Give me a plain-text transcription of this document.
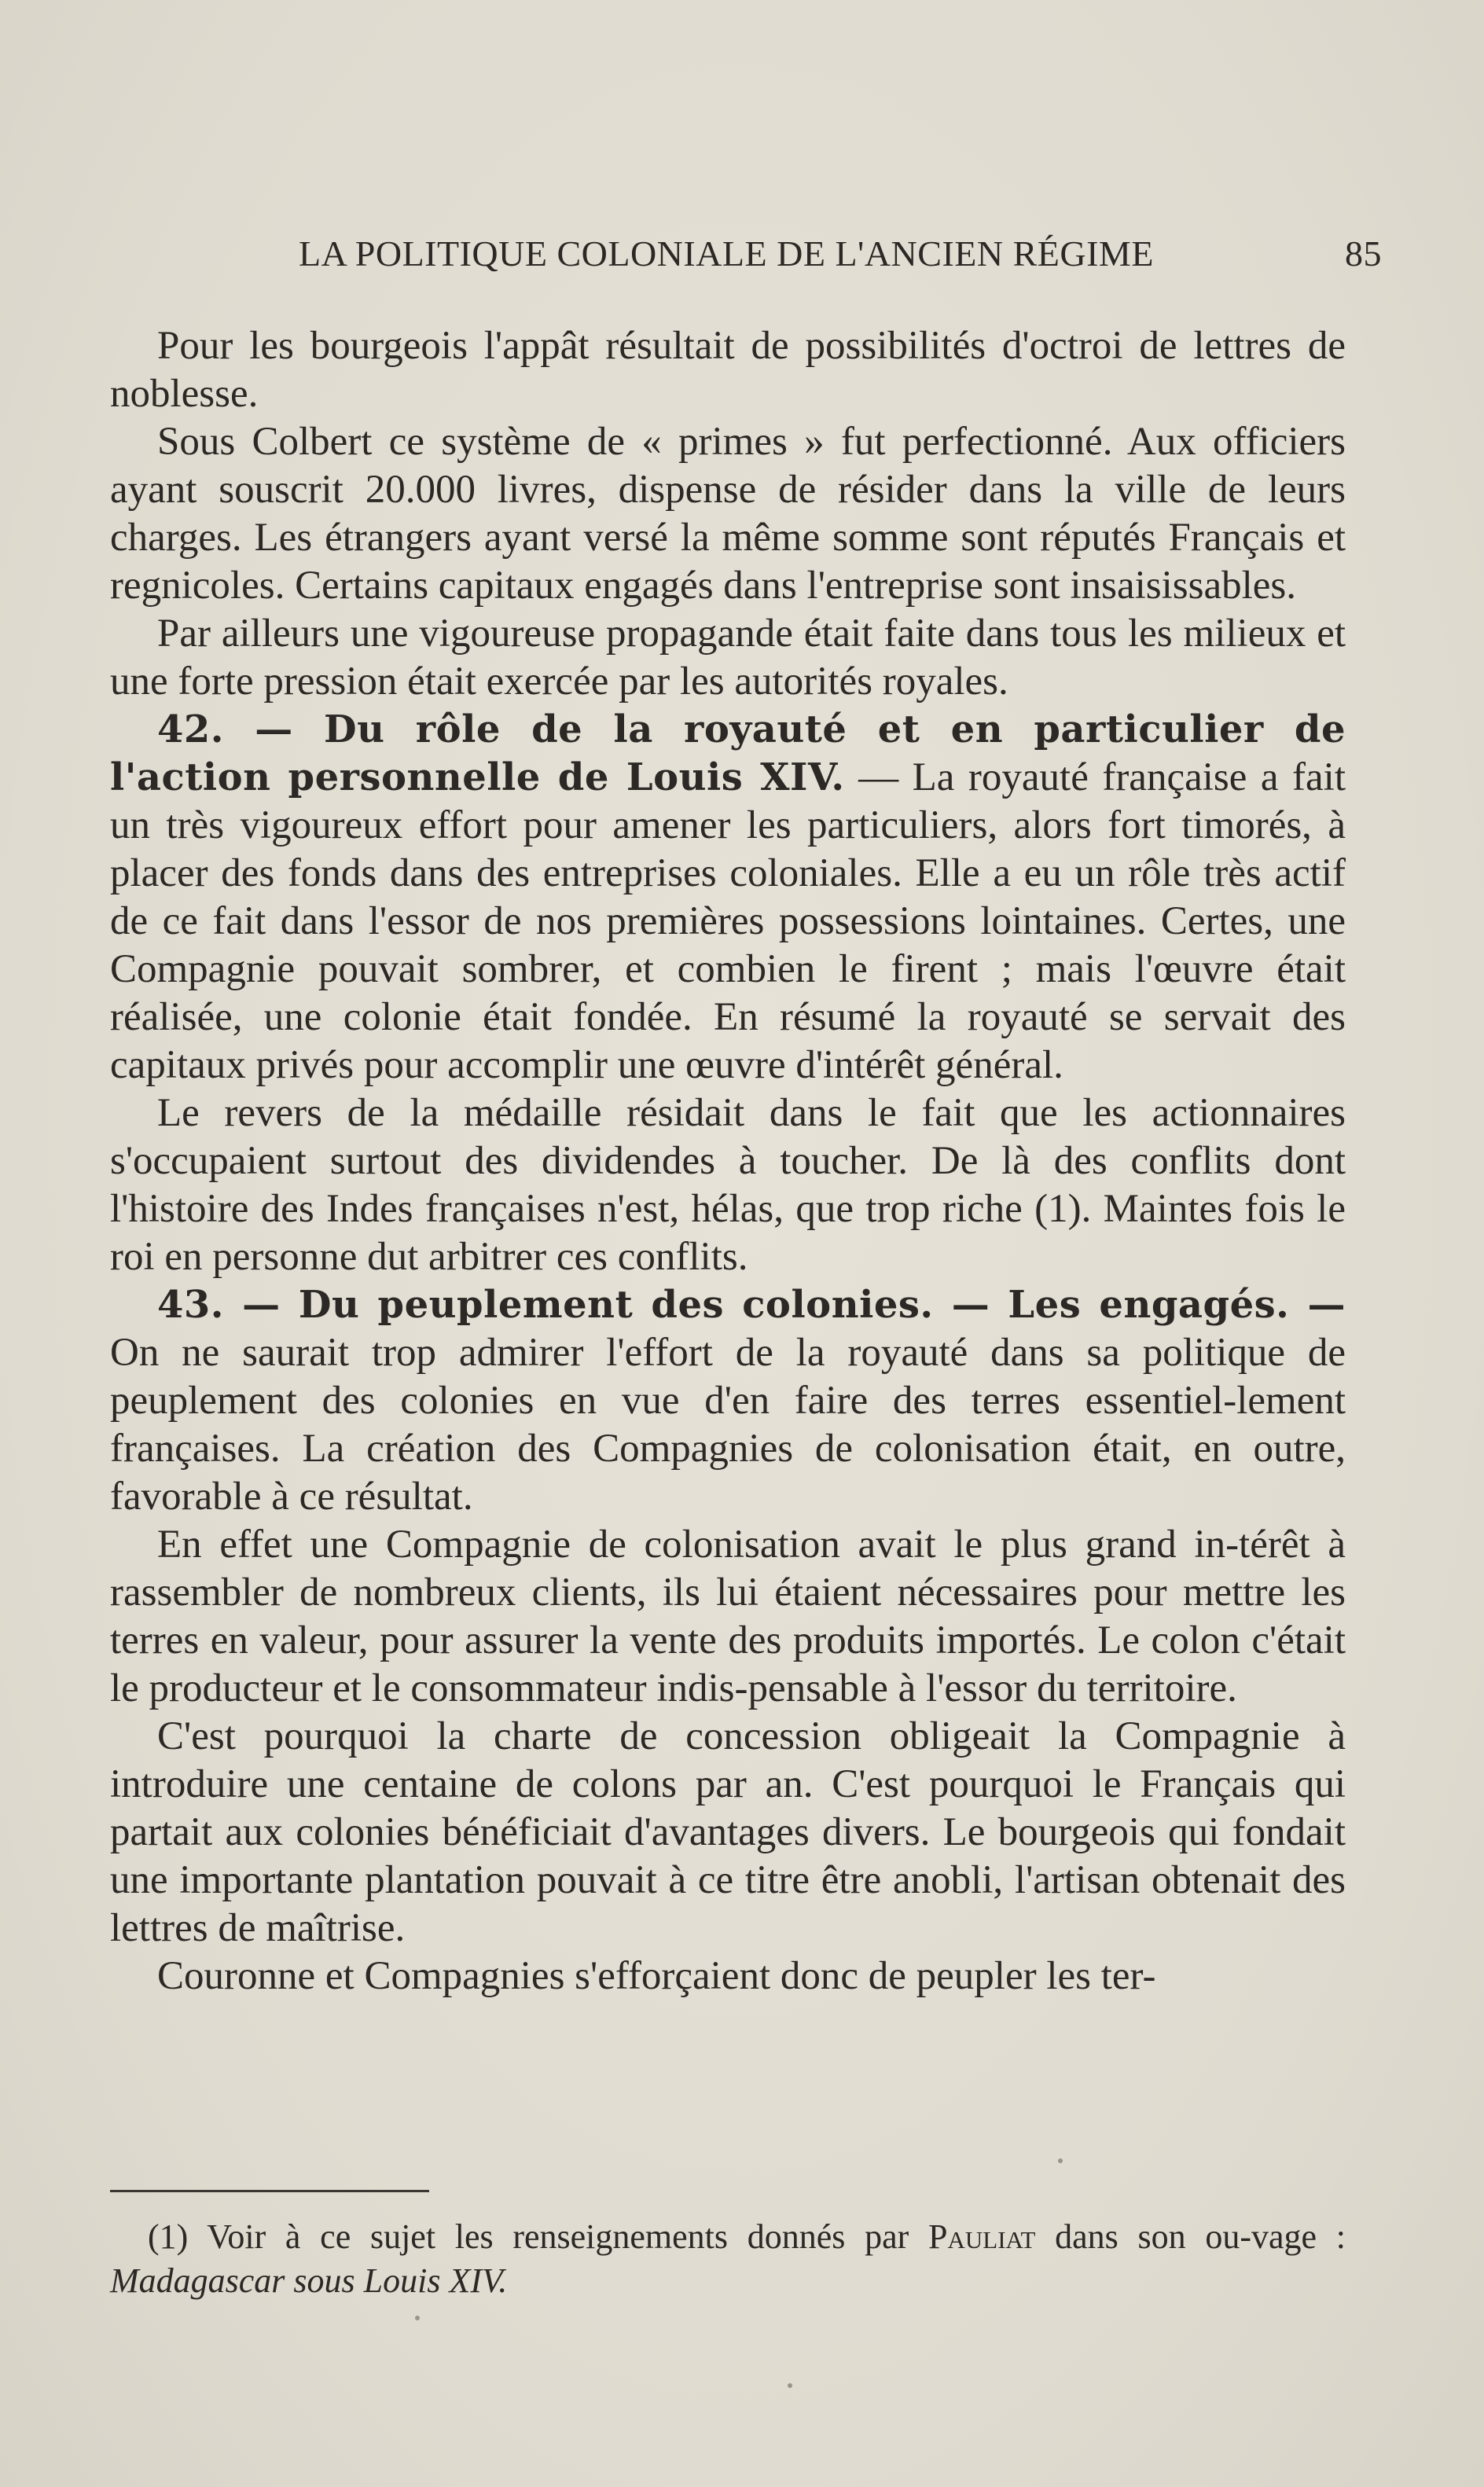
LA POLITIQUE COLONIALE DE L'ANCIEN RÉGIME	85

Pour les bourgeois l'appât résultait de possibilités d'octroi de lettres de noblesse.

Sous Colbert ce système de « primes » fut perfectionné. Aux officiers ayant souscrit 20.000 livres, dispense de résider dans la ville de leurs charges. Les étrangers ayant versé la même somme sont réputés Français et regnicoles. Certains capitaux engagés dans l'entreprise sont insaisissables.

Par ailleurs une vigoureuse propagande était faite dans tous les milieux et une forte pression était exercée par les autorités royales.

42. — Du rôle de la royauté et en particulier de l'action personnelle de Louis XIV. — La royauté française a fait un très vigoureux effort pour amener les particuliers, alors fort timorés, à placer des fonds dans des entreprises coloniales. Elle a eu un rôle très actif de ce fait dans l'essor de nos premières possessions lointaines. Certes, une Compagnie pouvait sombrer, et combien le firent ; mais l'œuvre était réalisée, une colonie était fondée. En résumé la royauté se servait des capitaux privés pour accomplir une œuvre d'intérêt général.

Le revers de la médaille résidait dans le fait que les actionnaires s'occupaient surtout des dividendes à toucher. De là des conflits dont l'histoire des Indes françaises n'est, hélas, que trop riche (1). Maintes fois le roi en personne dut arbitrer ces conflits.

43. — Du peuplement des colonies. — Les engagés. — On ne saurait trop admirer l'effort de la royauté dans sa politique de peuplement des colonies en vue d'en faire des terres essentiel-lement françaises. La création des Compagnies de colonisation était, en outre, favorable à ce résultat.

En effet une Compagnie de colonisation avait le plus grand in-térêt à rassembler de nombreux clients, ils lui étaient nécessaires pour mettre les terres en valeur, pour assurer la vente des produits importés. Le colon c'était le producteur et le consommateur indis-pensable à l'essor du territoire.

C'est pourquoi la charte de concession obligeait la Compagnie à introduire une centaine de colons par an. C'est pourquoi le Français qui partait aux colonies bénéficiait d'avantages divers. Le bourgeois qui fondait une importante plantation pouvait à ce titre être anobli, l'artisan obtenait des lettres de maîtrise.

Couronne et Compagnies s'efforçaient donc de peupler les ter-

(1) Voir à ce sujet les renseignements donnés par Pauliat dans son ou-vage : Madagascar sous Louis XIV.
